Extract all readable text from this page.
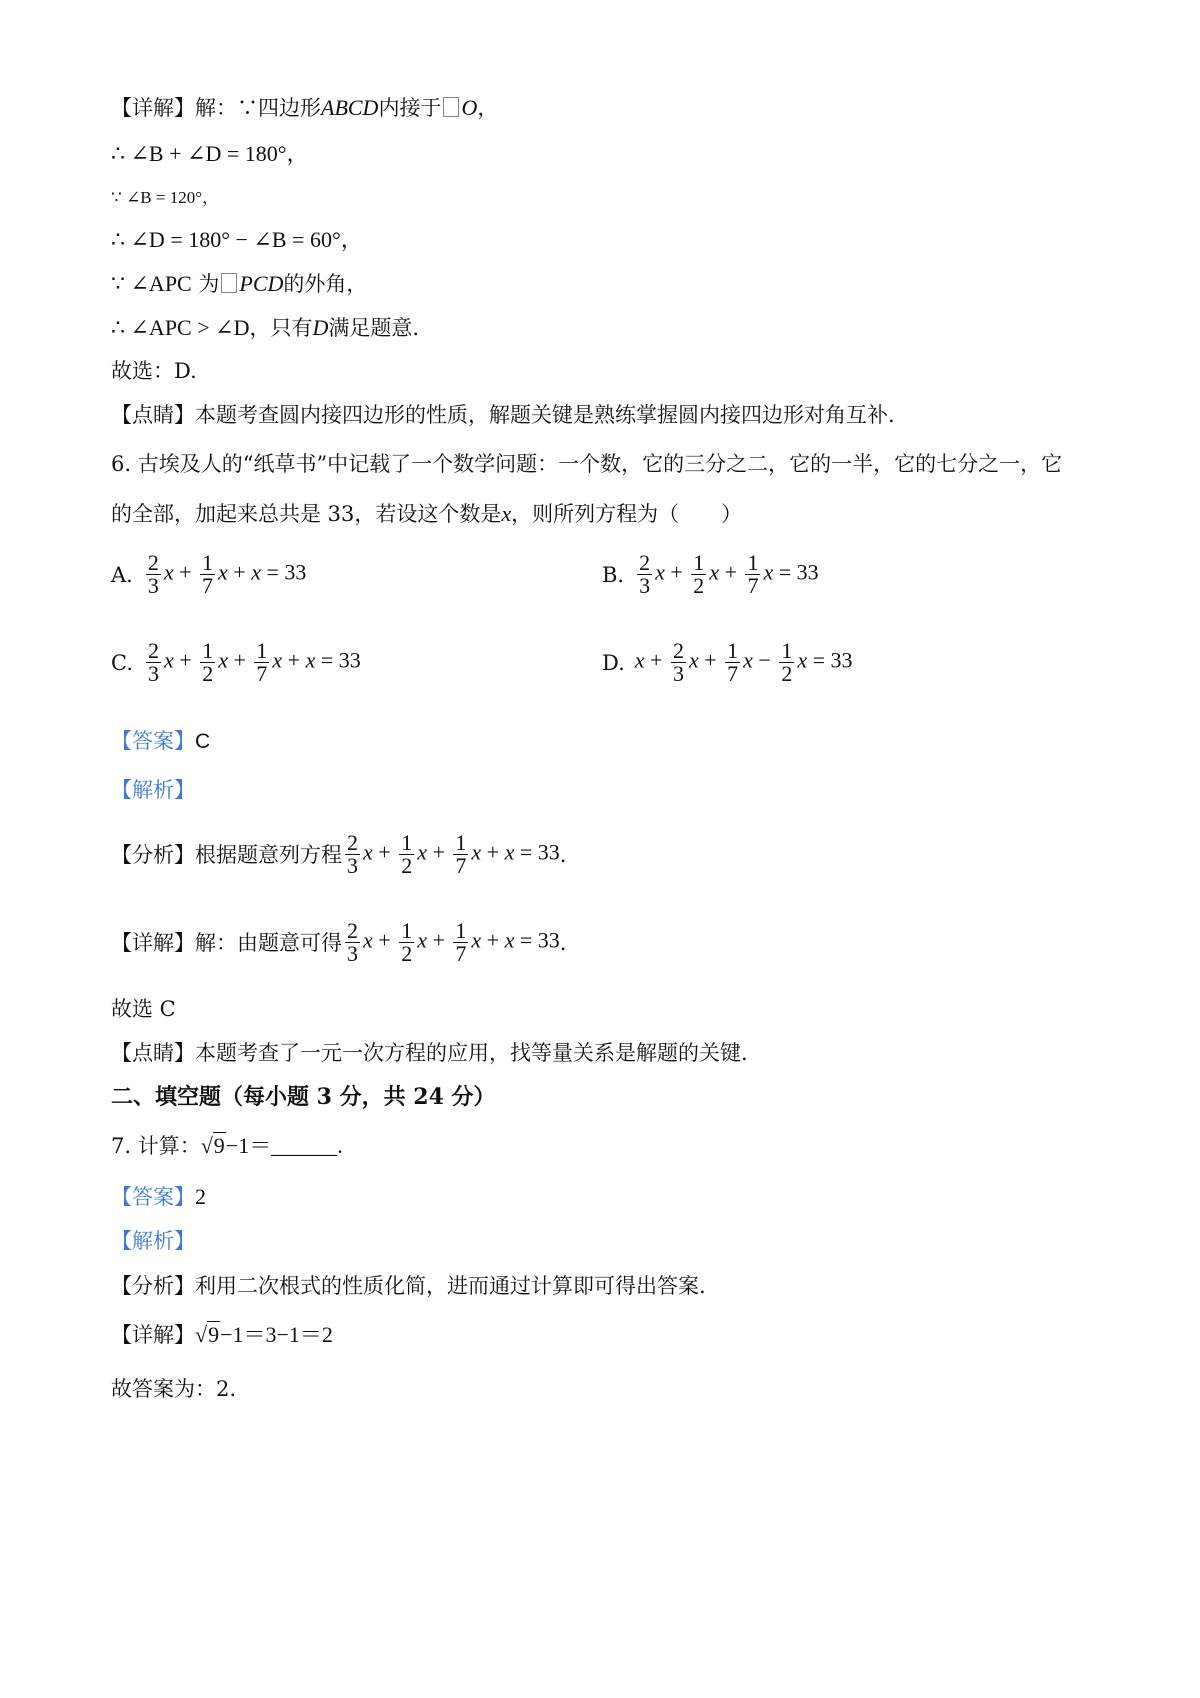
【详解】解：∵四边形ABCD内接于 O，
∴ ∠B + ∠D = 180°，
∵ ∠B = 120°，
∴ ∠D = 180° − ∠B = 60°，
∵ ∠APC 为 PCD的外角，
∴ ∠APC > ∠D，只有D满足题意.
故选：D.
【点睛】本题考查圆内接四边形的性质，解题关键是熟练掌握圆内接四边形对角互补.
6. 古埃及人的“纸草书”中记载了一个数学问题：一个数，它的三分之二，它的一半，它的七分之一，它
的全部，加起来总共是 33，若设这个数是x，则所列方程为（　　）
A. $\frac{2}{3}$ $x + \frac{1}{7}$ x + x = 33	B. $\frac{2}{3}$ $x + \frac{1}{2}$ $x + \frac{1}{7}$ x = 33
C. $\frac{2}{3}$ $x + \frac{1}{2}$ $x + \frac{1}{7}$ x + x = 33	D. $x + \frac{2}{3}$ $x + \frac{1}{7}$ $x - \frac{1}{2}$ x = 33
【答案】C
【解析】
【分析】根据题意列方程 $\frac{2}{3}$ $x + \frac{1}{2}$ $x + \frac{1}{7}$ x + x = 33 .
【详解】解：由题意可得 $\frac{2}{3}$ $x + \frac{1}{2}$ $x + \frac{1}{7}$ x + x = 33 .
故选 C
【点睛】本题考查了一元一次方程的应用，找等量关系是解题的关键.
二、填空题（每小题 3 分，共 24 分）
7. 计算：√9−1＝______.
【答案】2
【解析】
【分析】利用二次根式的性质化简，进而通过计算即可得出答案.
【详解】√9−1＝3−1＝2
故答案为：2.
